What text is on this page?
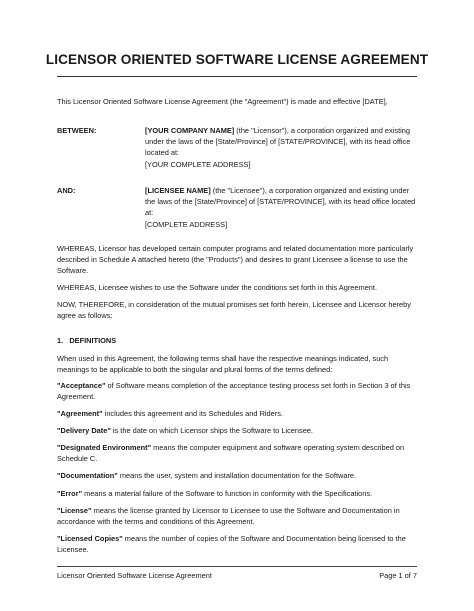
LICENSOR ORIENTED SOFTWARE LICENSE AGREEMENT

This Licensor Oriented Software License Agreement (the "Agreement") is made and effective [DATE],

BETWEEN:	[YOUR COMPANY NAME] (the "Licensor"), a corporation organized and existing under the laws of the [State/Province] of [STATE/PROVINCE], with its head office located at:

[YOUR COMPLETE ADDRESS]

AND:	[LICENSEE NAME] (the "Licensee"), a corporation organized and existing under the laws of the [State/Province] of [STATE/PROVINCE], with its head office located at:

[COMPLETE ADDRESS]

WHEREAS, Licensor has developed certain computer programs and related documentation more particularly described in Schedule A attached hereto (the "Products") and desires to grant Licensee a license to use the Software.

WHEREAS, Licensee wishes to use the Software under the conditions set forth in this Agreement.

NOW, THEREFORE, in consideration of the mutual promises set forth herein, Licensee and Licensor hereby agree as follows:

1.   DEFINITIONS

When used in this Agreement, the following terms shall have the respective meanings indicated, such meanings to be applicable to both the singular and plural forms of the terms defined:

"Acceptance" of Software means completion of the acceptance testing process set forth in Section 3 of this Agreement.

"Agreement" includes this agreement and its Schedules and Riders.

"Delivery Date" is the date on which Licensor ships the Software to Licensee.

"Designated Environment" means the computer equipment and software operating system described on Schedule C.

"Documentation" means the user, system and installation documentation for the Software.

"Error" means a material failure of the Software to function in conformity with the Specifications.

"License" means the license granted by Licensor to Licensee to use the Software and Documentation in accordance with the terms and conditions of this Agreement.

"Licensed Copies" means the number of copies of the Software and Documentation being licensed to the Licensee.

Licensor Oriented Software License Agreement	Page 1 of 7
